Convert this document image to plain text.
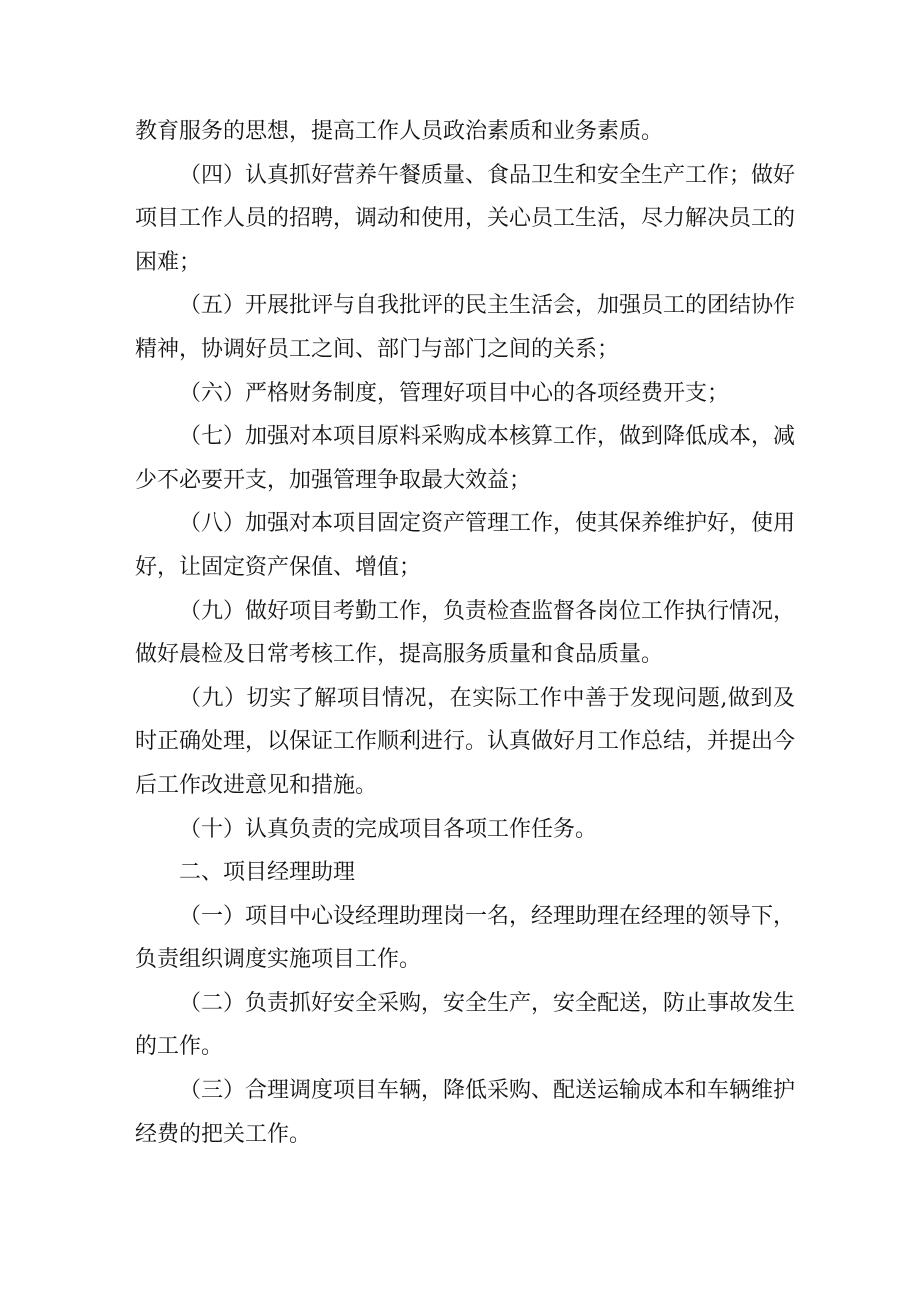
教育服务的思想，提高工作人员政治素质和业务素质。

（四）认真抓好营养午餐质量、食品卫生和安全生产工作；做好项目工作人员的招聘，调动和使用，关心员工生活，尽力解决员工的困难；

（五）开展批评与自我批评的民主生活会，加强员工的团结协作精神，协调好员工之间、部门与部门之间的关系；

（六）严格财务制度，管理好项目中心的各项经费开支；

（七）加强对本项目原料采购成本核算工作，做到降低成本，减少不必要开支，加强管理争取最大效益；

（八）加强对本项目固定资产管理工作，使其保养维护好，使用好，让固定资产保值、增值；

（九）做好项目考勤工作，负责检查监督各岗位工作执行情况，做好晨检及日常考核工作，提高服务质量和食品质量。

（九）切实了解项目情况，在实际工作中善于发现问题,做到及时正确处理，以保证工作顺利进行。认真做好月工作总结，并提出今后工作改进意见和措施。

（十）认真负责的完成项目各项工作任务。

二、项目经理助理

（一）项目中心设经理助理岗一名，经理助理在经理的领导下，负责组织调度实施项目工作。

（二）负责抓好安全采购，安全生产，安全配送，防止事故发生的工作。

（三）合理调度项目车辆，降低采购、配送运输成本和车辆维护经费的把关工作。
